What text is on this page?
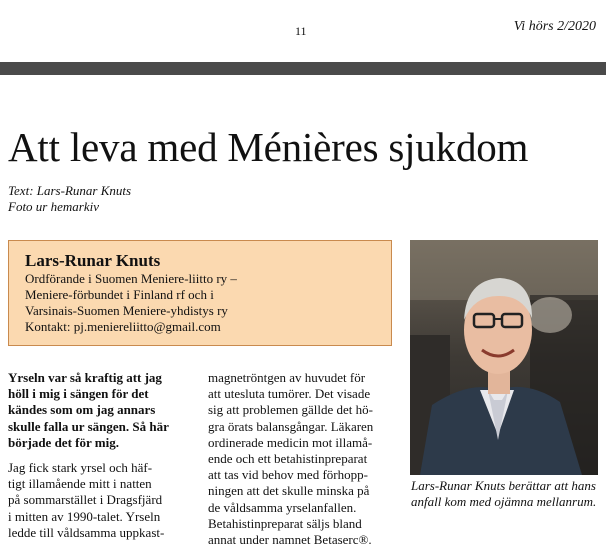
11	Vi hörs 2/2020
Att leva med Ménières sjukdom
Text: Lars-Runar Knuts
Foto ur hemarkiv
Lars-Runar Knuts
Ordförande i Suomen Meniere-liitto ry –
Meniere-förbundet i Finland rf och i
Varsinais-Suomen Meniere-yhdistys ry
Kontakt: pj.meniereliitto@gmail.com
Yrseln var så kraftig att jag
höll i mig i sängen för det
kändes som om jag annars
skulle falla ur sängen. Så här
började det för mig.
Jag fick stark yrsel och häf-
tigt illamående mitt i natten
på sommarstället i Dragsfjärd
i mitten av 1990-talet. Yrseln
ledde till våldsamma uppkast-
magnetröntgen av huvudet för
att utesluta tumörer. Det visade
sig att problemen gällde det hö-
gra örats balansgångar. Läkaren
ordinerade medicin mot illamå-
ende och ett betahistinpreparat
att tas vid behov med förhopp-
ningen att det skulle minska på
de våldsamma yrselanfallen.
Betahistinpreparat säljs bland
annat under namnet Betaserc®.
Lars-Runar Knuts berättar att hans anfall kom med ojämna mellanrum.
